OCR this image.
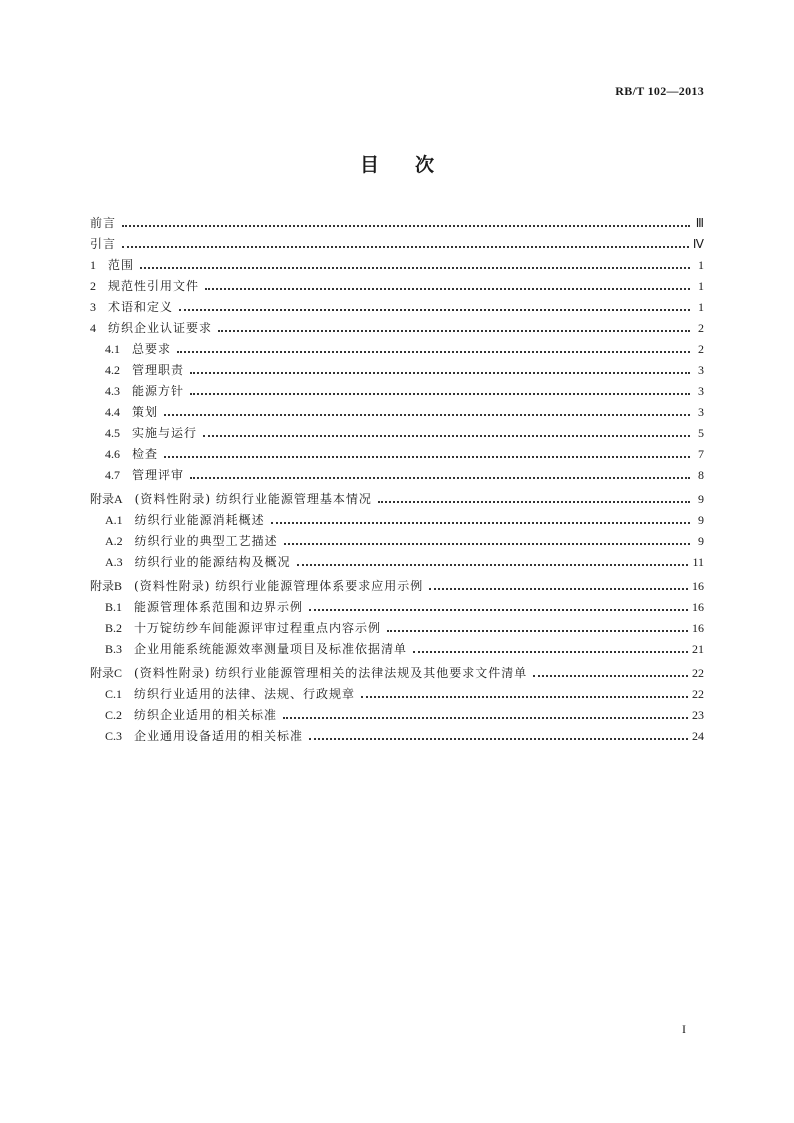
RB/T 102—2013
目次
前言	Ⅲ
引言	Ⅳ
1 范围	1
2 规范性引用文件	1
3 术语和定义	1
4 纺织企业认证要求	2
4.1 总要求	2
4.2 管理职责	3
4.3 能源方针	3
4.4 策划	3
4.5 实施与运行	5
4.6 检查	7
4.7 管理评审	8
附录A (资料性附录) 纺织行业能源管理基本情况	9
A.1 纺织行业能源消耗概述	9
A.2 纺织行业的典型工艺描述	9
A.3 纺织行业的能源结构及概况	11
附录B (资料性附录) 纺织行业能源管理体系要求应用示例	16
B.1 能源管理体系范围和边界示例	16
B.2 十万锭纺纱车间能源评审过程重点内容示例	16
B.3 企业用能系统能源效率测量项目及标准依据清单	21
附录C (资料性附录) 纺织行业能源管理相关的法律法规及其他要求文件清单	22
C.1 纺织行业适用的法律、法规、行政规章	22
C.2 纺织企业适用的相关标准	23
C.3 企业通用设备适用的相关标准	24
I
